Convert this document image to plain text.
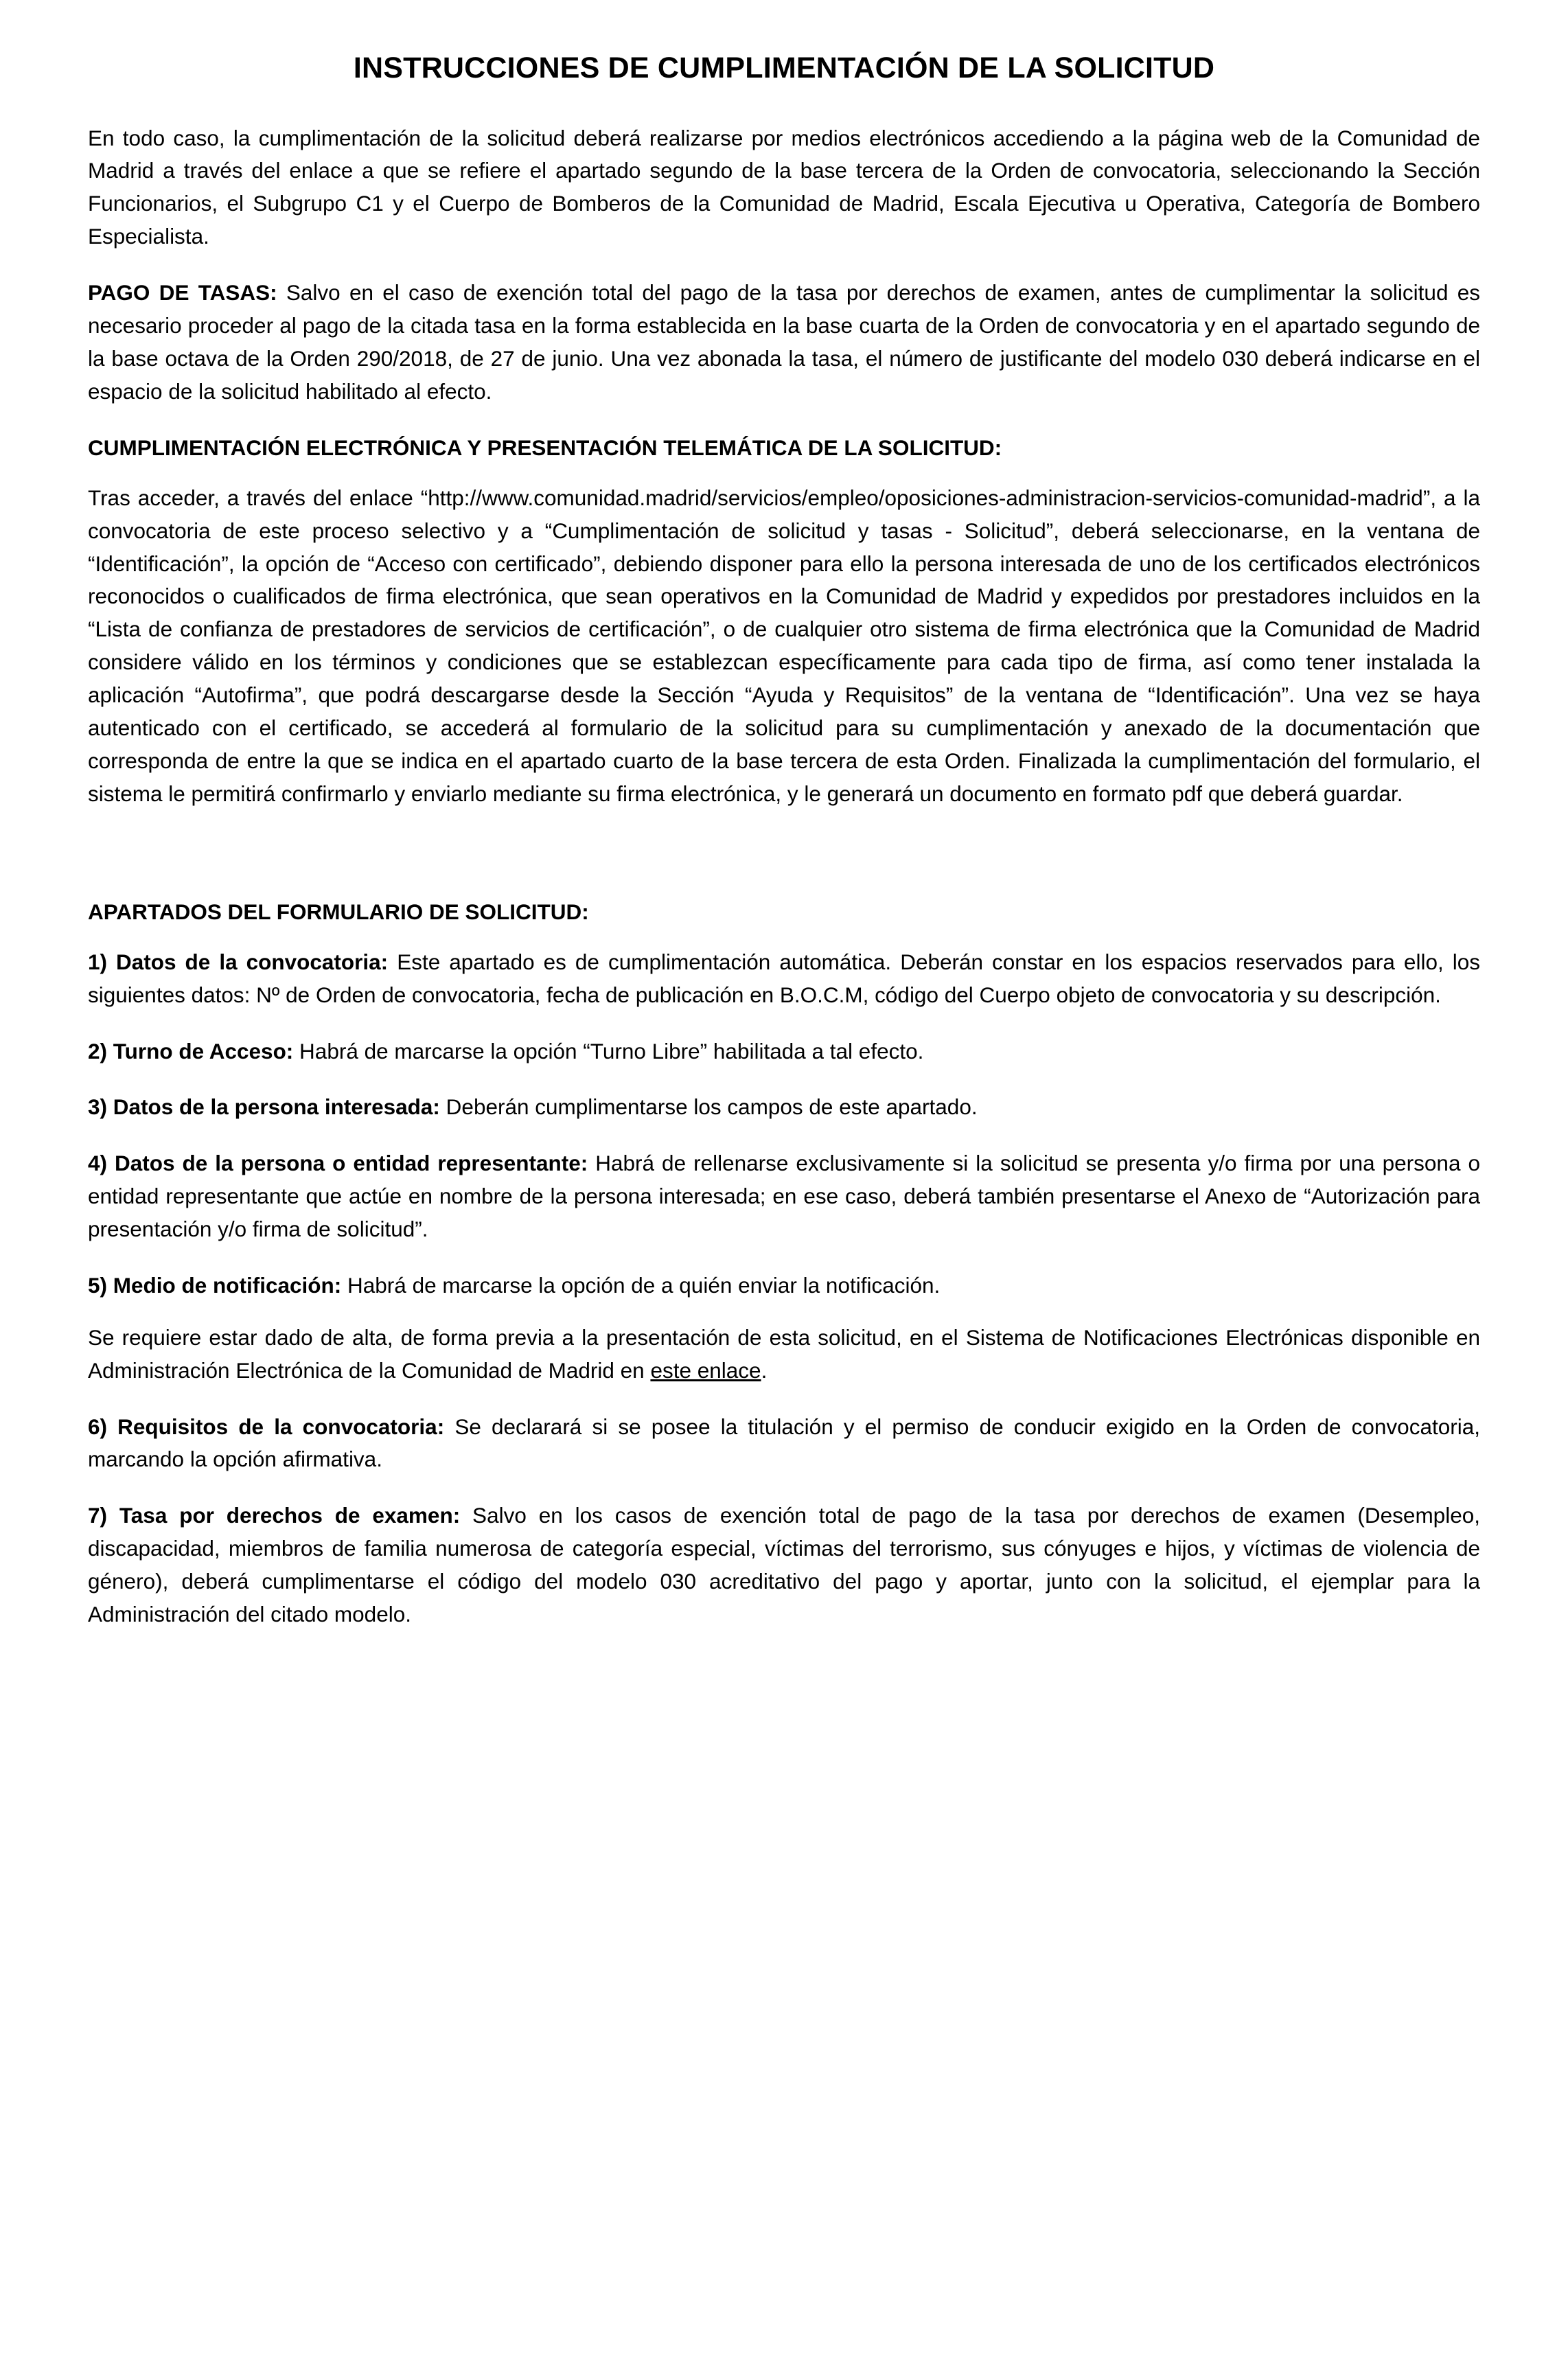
INSTRUCCIONES DE CUMPLIMENTACIÓN DE LA SOLICITUD

En todo caso, la cumplimentación de la solicitud deberá realizarse por medios electrónicos accediendo a la página web de la Comunidad de Madrid a través del enlace a que se refiere el apartado segundo de la base tercera de la Orden de convocatoria, seleccionando la Sección Funcionarios, el Subgrupo C1 y el Cuerpo de Bomberos de la Comunidad de Madrid, Escala Ejecutiva u Operativa, Categoría de Bombero Especialista.

PAGO DE TASAS: Salvo en el caso de exención total del pago de la tasa por derechos de examen, antes de cumplimentar la solicitud es necesario proceder al pago de la citada tasa en la forma establecida en la base cuarta de la Orden de convocatoria y en el apartado segundo de la base octava de la Orden 290/2018, de 27 de junio. Una vez abonada la tasa, el número de justificante del modelo 030 deberá indicarse en el espacio de la solicitud habilitado al efecto.

CUMPLIMENTACIÓN ELECTRÓNICA Y PRESENTACIÓN TELEMÁTICA DE LA SOLICITUD:

Tras acceder, a través del enlace “http://www.comunidad.madrid/servicios/empleo/oposiciones-administracion-servicios-comunidad-madrid”, a la convocatoria de este proceso selectivo y a “Cumplimentación de solicitud y tasas - Solicitud”, deberá seleccionarse, en la ventana de “Identificación”, la opción de “Acceso con certificado”, debiendo disponer para ello la persona interesada de uno de los certificados electrónicos reconocidos o cualificados de firma electrónica, que sean operativos en la Comunidad de Madrid y expedidos por prestadores incluidos en la “Lista de confianza de prestadores de servicios de certificación”, o de cualquier otro sistema de firma electrónica que la Comunidad de Madrid considere válido en los términos y condiciones que se establezcan específicamente para cada tipo de firma, así como tener instalada la aplicación “Autofirma”, que podrá descargarse desde la Sección “Ayuda y Requisitos” de la ventana de “Identificación”. Una vez se haya autenticado con el certificado, se accederá al formulario de la solicitud para su cumplimentación y anexado de la documentación que corresponda de entre la que se indica en el apartado cuarto de la base tercera de esta Orden. Finalizada la cumplimentación del formulario, el sistema le permitirá confirmarlo y enviarlo mediante su firma electrónica, y le generará un documento en formato pdf que deberá guardar.

APARTADOS DEL FORMULARIO DE SOLICITUD:

1) Datos de la convocatoria: Este apartado es de cumplimentación automática. Deberán constar en los espacios reservados para ello, los siguientes datos: Nº de Orden de convocatoria, fecha de publicación en B.O.C.M, código del Cuerpo objeto de convocatoria y su descripción.

2) Turno de Acceso: Habrá de marcarse la opción “Turno Libre” habilitada a tal efecto.

3) Datos de la persona interesada: Deberán cumplimentarse los campos de este apartado.

4) Datos de la persona o entidad representante: Habrá de rellenarse exclusivamente si la solicitud se presenta y/o firma por una persona o entidad representante que actúe en nombre de la persona interesada; en ese caso, deberá también presentarse el Anexo de “Autorización para presentación y/o firma de solicitud”.

5) Medio de notificación: Habrá de marcarse la opción de a quién enviar la notificación.

Se requiere estar dado de alta, de forma previa a la presentación de esta solicitud, en el Sistema de Notificaciones Electrónicas disponible en Administración Electrónica de la Comunidad de Madrid en este enlace.

6) Requisitos de la convocatoria: Se declarará si se posee la titulación y el permiso de conducir exigido en la Orden de convocatoria, marcando la opción afirmativa.

7) Tasa por derechos de examen: Salvo en los casos de exención total de pago de la tasa por derechos de examen (Desempleo, discapacidad, miembros de familia numerosa de categoría especial, víctimas del terrorismo, sus cónyuges e hijos, y víctimas de violencia de género), deberá cumplimentarse el código del modelo 030 acreditativo del pago y aportar, junto con la solicitud, el ejemplar para la Administración del citado modelo.
